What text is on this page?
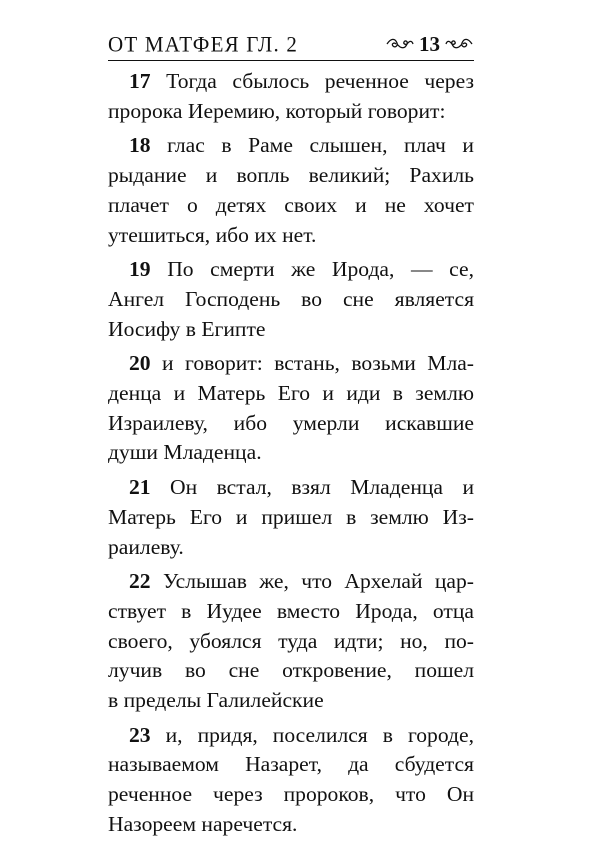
ОТ МАТФЕЯ ГЛ. 2	13
17 Тогда сбылось реченное через
пророка Иеремию, который говорит:
18 глас в Раме слышен, плач и
рыдание и вопль великий; Рахиль
плачет о детях своих и не хочет
утешиться, ибо их нет.
19 По смерти же Ирода, — се,
Ангел Господень во сне является
Иосифу в Египте
20 и говорит: встань, возьми Мла-
денца и Матерь Его и иди в землю
Израилеву, ибо умерли искавшие
души Младенца.
21 Он встал, взял Младенца и
Матерь Его и пришел в землю Из-
раилеву.
22 Услышав же, что Архелай цар-
ствует в Иудее вместо Ирода, отца
своего, убоялся туда идти; но, по-
лучив во сне откровение, пошел
в пределы Галилейские
23 и, придя, поселился в городе,
называемом Назарет, да сбудется
реченное через пророков, что Он
Назореем наречется.
